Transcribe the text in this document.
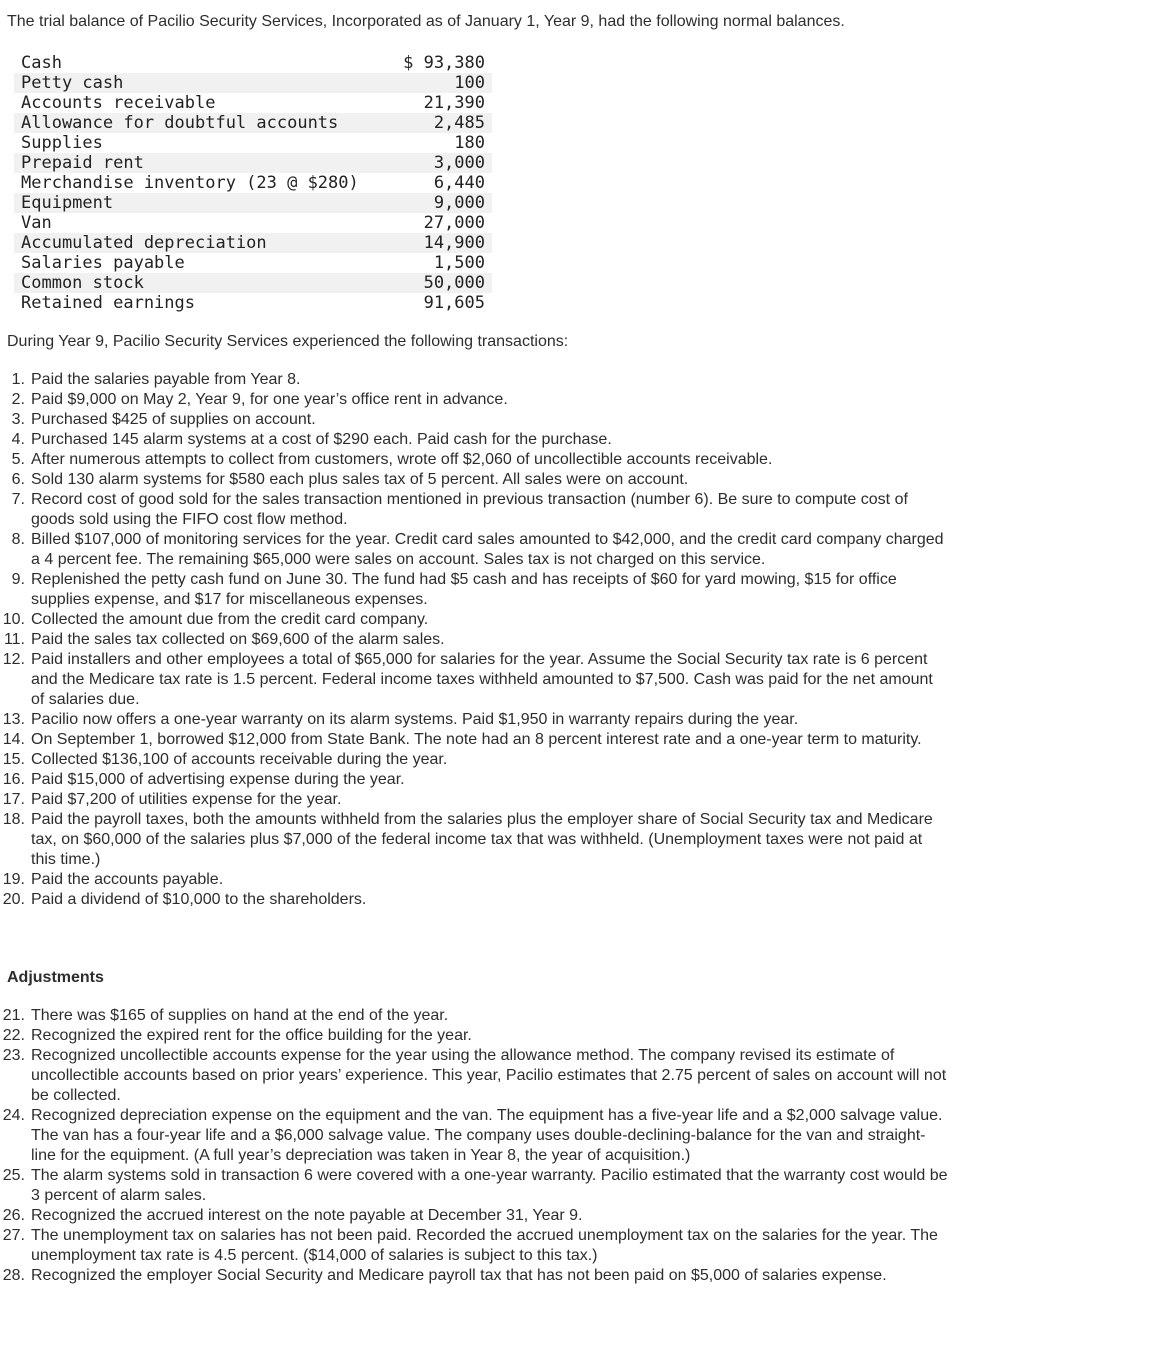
The trial balance of Pacilio Security Services, Incorporated as of January 1, Year 9, had the following normal balances.

Cash	$ 93,380
Petty cash	100
Accounts receivable	21,390
Allowance for doubtful accounts	2,485
Supplies	180
Prepaid rent	3,000
Merchandise inventory (23 @ $280)	6,440
Equipment	9,000
Van	27,000
Accumulated depreciation	14,900
Salaries payable	1,500
Common stock	50,000
Retained earnings	91,605

During Year 9, Pacilio Security Services experienced the following transactions:

1. Paid the salaries payable from Year 8.
2. Paid $9,000 on May 2, Year 9, for one year’s office rent in advance.
3. Purchased $425 of supplies on account.
4. Purchased 145 alarm systems at a cost of $290 each. Paid cash for the purchase.
5. After numerous attempts to collect from customers, wrote off $2,060 of uncollectible accounts receivable.
6. Sold 130 alarm systems for $580 each plus sales tax of 5 percent. All sales were on account.
7. Record cost of good sold for the sales transaction mentioned in previous transaction (number 6). Be sure to compute cost of goods sold using the FIFO cost flow method.
8. Billed $107,000 of monitoring services for the year. Credit card sales amounted to $42,000, and the credit card company charged a 4 percent fee. The remaining $65,000 were sales on account. Sales tax is not charged on this service.
9. Replenished the petty cash fund on June 30. The fund had $5 cash and has receipts of $60 for yard mowing, $15 for office supplies expense, and $17 for miscellaneous expenses.
10. Collected the amount due from the credit card company.
11. Paid the sales tax collected on $69,600 of the alarm sales.
12. Paid installers and other employees a total of $65,000 for salaries for the year. Assume the Social Security tax rate is 6 percent and the Medicare tax rate is 1.5 percent. Federal income taxes withheld amounted to $7,500. Cash was paid for the net amount of salaries due.
13. Pacilio now offers a one-year warranty on its alarm systems. Paid $1,950 in warranty repairs during the year.
14. On September 1, borrowed $12,000 from State Bank. The note had an 8 percent interest rate and a one-year term to maturity.
15. Collected $136,100 of accounts receivable during the year.
16. Paid $15,000 of advertising expense during the year.
17. Paid $7,200 of utilities expense for the year.
18. Paid the payroll taxes, both the amounts withheld from the salaries plus the employer share of Social Security tax and Medicare tax, on $60,000 of the salaries plus $7,000 of the federal income tax that was withheld. (Unemployment taxes were not paid at this time.)
19. Paid the accounts payable.
20. Paid a dividend of $10,000 to the shareholders.

Adjustments

21. There was $165 of supplies on hand at the end of the year.
22. Recognized the expired rent for the office building for the year.
23. Recognized uncollectible accounts expense for the year using the allowance method. The company revised its estimate of uncollectible accounts based on prior years’ experience. This year, Pacilio estimates that 2.75 percent of sales on account will not be collected.
24. Recognized depreciation expense on the equipment and the van. The equipment has a five-year life and a $2,000 salvage value. The van has a four-year life and a $6,000 salvage value. The company uses double-declining-balance for the van and straight-line for the equipment. (A full year’s depreciation was taken in Year 8, the year of acquisition.)
25. The alarm systems sold in transaction 6 were covered with a one-year warranty. Pacilio estimated that the warranty cost would be 3 percent of alarm sales.
26. Recognized the accrued interest on the note payable at December 31, Year 9.
27. The unemployment tax on salaries has not been paid. Recorded the accrued unemployment tax on the salaries for the year. The unemployment tax rate is 4.5 percent. ($14,000 of salaries is subject to this tax.)
28. Recognized the employer Social Security and Medicare payroll tax that has not been paid on $5,000 of salaries expense.
